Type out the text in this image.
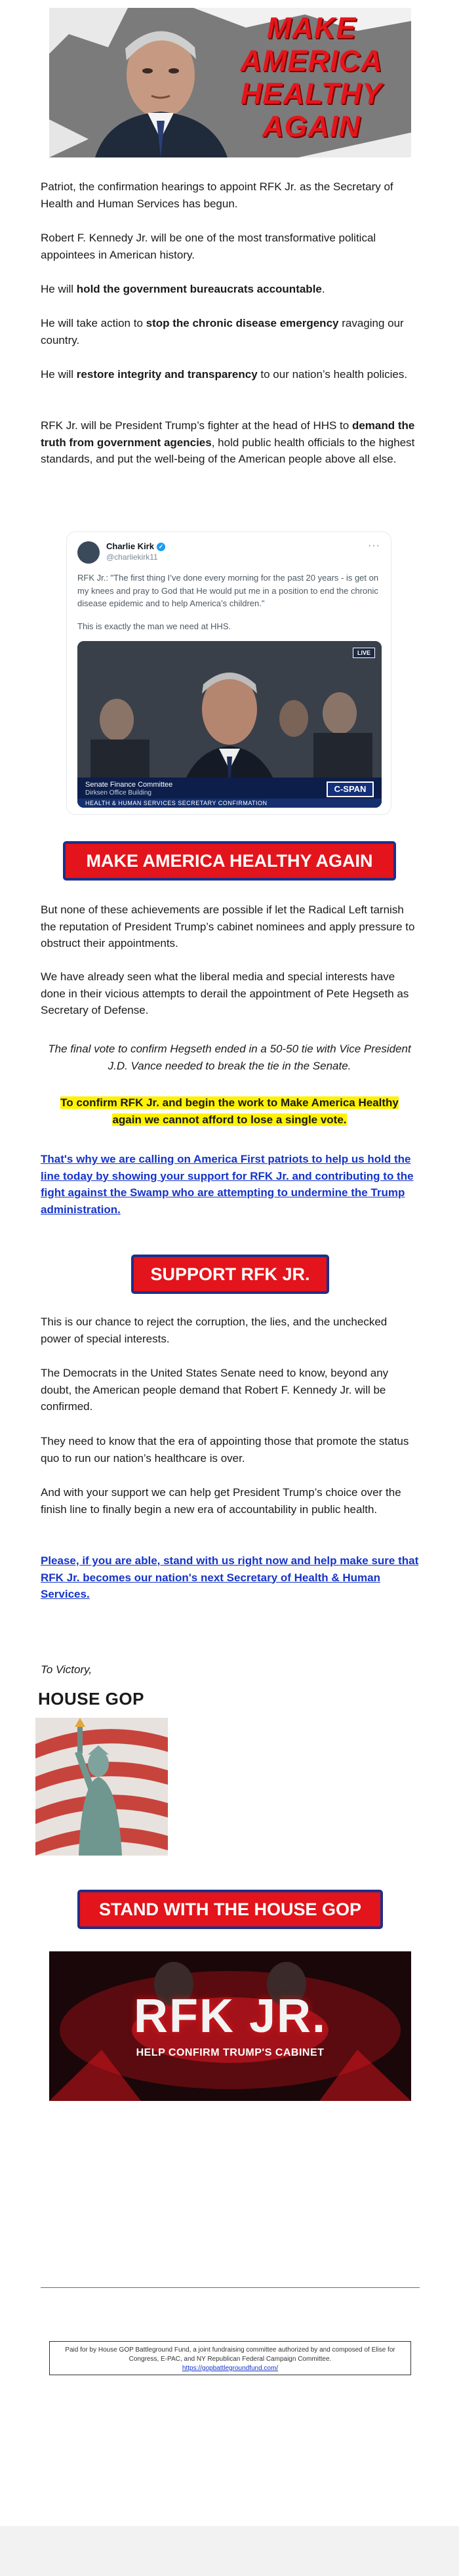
MAKE
AMERICA
HEALTHY
AGAIN

Patriot, the confirmation hearings to appoint RFK Jr. as the Secretary of Health and Human Services has begun.

Robert F. Kennedy Jr. will be one of the most transformative political appointees in American history.

He will hold the government bureaucrats accountable.

He will take action to stop the chronic disease emergency ravaging our country.

He will restore integrity and transparency to our nation’s health policies.

RFK Jr. will be President Trump’s fighter at the head of HHS to demand the truth from government agencies, hold public health officials to the highest standards, and put the well-being of the American people above all else.

Charlie Kirk ✓
@charliekirk11
···
RFK Jr.: "The first thing I’ve done every morning for the past 20 years - is get on my knees and pray to God that He would put me in a position to end the chronic disease epidemic and to help America’s children."
This is exactly the man we need at HHS.
LIVE
Senate Finance Committee
Dirksen Office Building
HEALTH & HUMAN SERVICES SECRETARY CONFIRMATION
C-SPAN
MAKE AMERICA HEALTHY AGAIN

But none of these achievements are possible if let the Radical Left tarnish the reputation of President Trump’s cabinet nominees and apply pressure to obstruct their appointments.

We have already seen what the liberal media and special interests have done in their vicious attempts to derail the appointment of Pete Hegseth as Secretary of Defense.

The final vote to confirm Hegseth ended in a 50-50 tie with Vice President J.D. Vance needed to break the tie in the Senate.
To confirm RFK Jr. and begin the work to Make America Healthy again we cannot afford to lose a single vote.
That's why we are calling on America First patriots to help us hold the line today by showing your support for RFK Jr. and contributing to the fight against the Swamp who are attempting to undermine the Trump administration.
SUPPORT RFK JR.

This is our chance to reject the corruption, the lies, and the unchecked power of special interests.

The Democrats in the United States Senate need to know, beyond any doubt, the American people demand that Robert F. Kennedy Jr. will be confirmed.

They need to know that the era of appointing those that promote the status quo to run our nation’s healthcare is over.

And with your support we can help get President Trump’s choice over the finish line to finally begin a new era of accountability in public health.

Please, if you are able, stand with us right now and help make sure that RFK Jr. becomes our nation's next Secretary of Health & Human Services.
To Victory,
HOUSE GOP
STAND WITH THE HOUSE GOP
RFK JR.
HELP CONFIRM TRUMP'S CABINET
Paid for by House GOP Battleground Fund, a joint fundraising committee authorized by and composed of Elise for Congress, E-PAC, and NY Republican Federal Campaign Committee.
https://gopbattlegroundfund.com/
